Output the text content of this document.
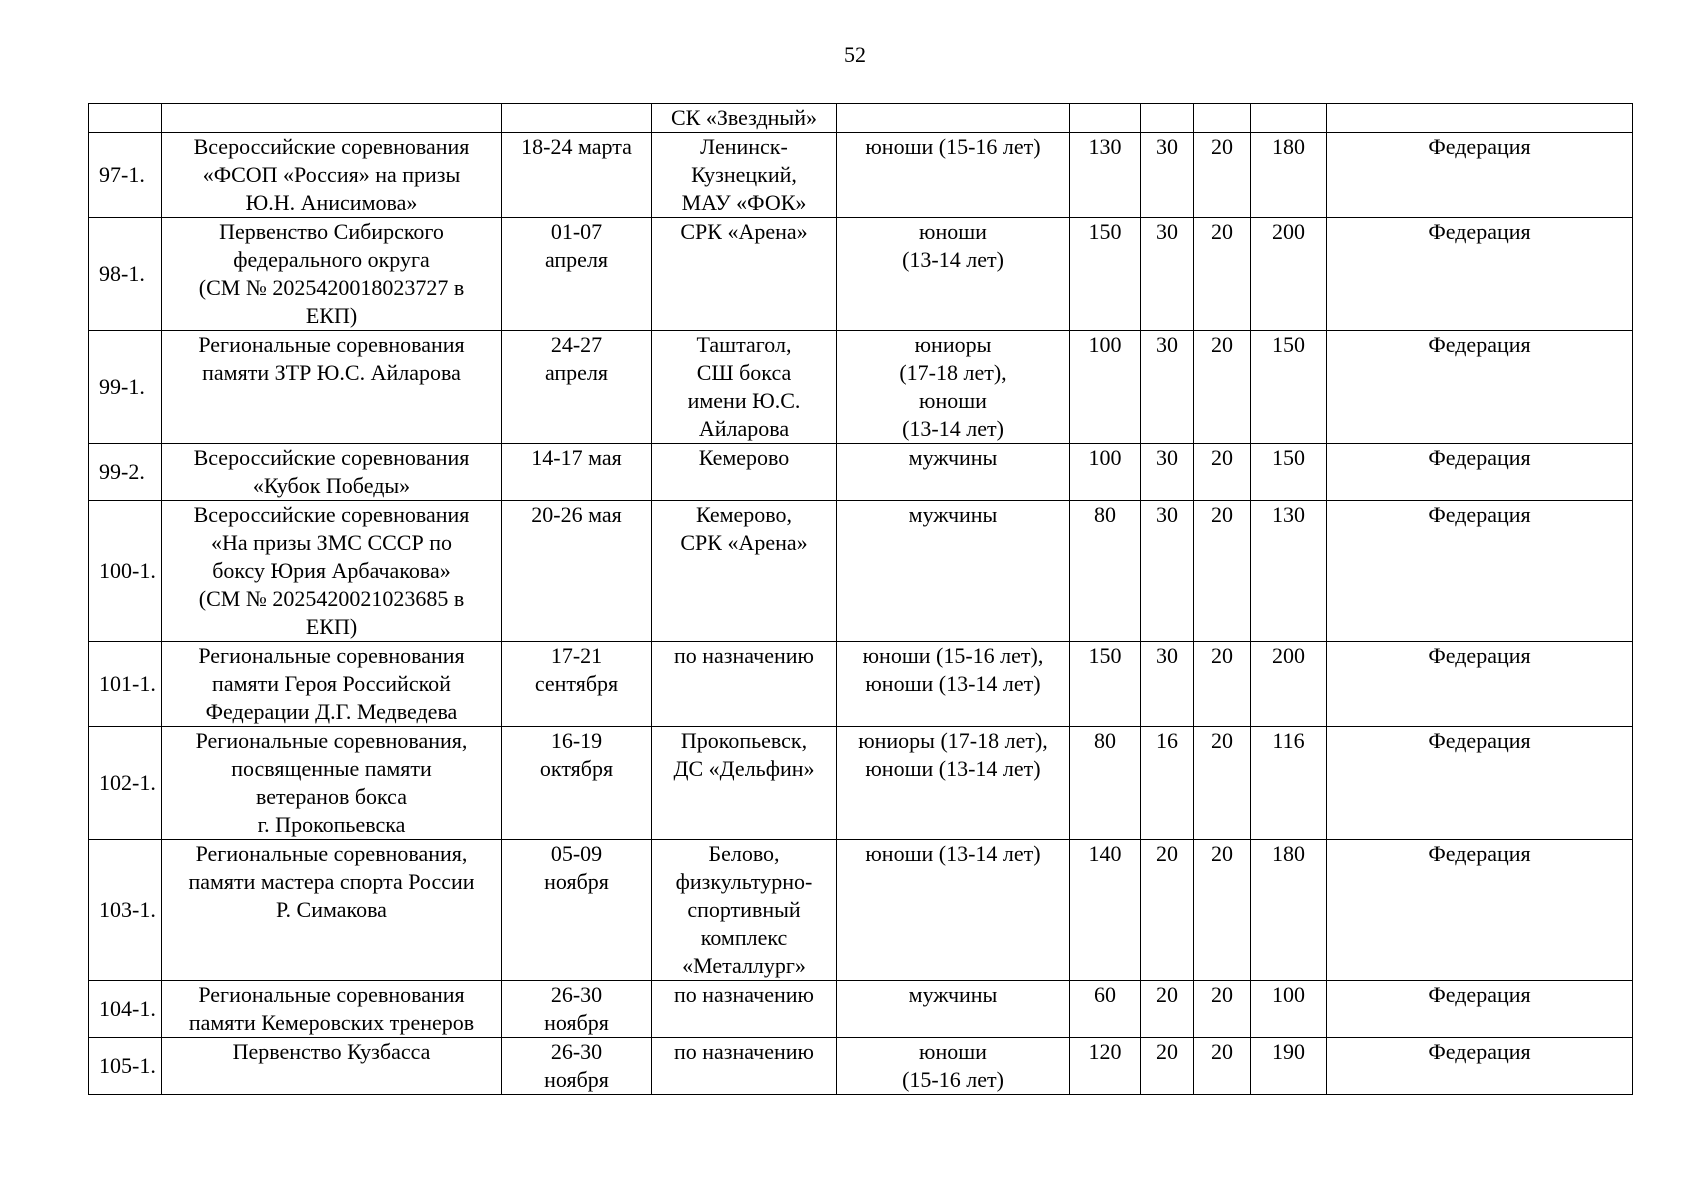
52
			СК «Звездный»						
97-1.	Всероссийские соревнования
«ФСОП «Россия» на призы
Ю.Н. Анисимова»	18-24 марта	Ленинск-
Кузнецкий,
МАУ «ФОК»	юноши (15-16 лет)	130	30	20	180	Федерация
98-1.	Первенство Сибирского
федерального округа
(СМ № 2025420018023727 в
ЕКП)	01-07
апреля	СРК «Арена»	юноши
(13-14 лет)	150	30	20	200	Федерация
99-1.	Региональные соревнования
памяти ЗТР Ю.С. Айларова	24-27
апреля	Таштагол,
СШ бокса
имени Ю.С.
Айларова	юниоры
(17-18 лет),
юноши
(13-14 лет)	100	30	20	150	Федерация
99-2.	Всероссийские соревнования
«Кубок Победы»	14-17 мая	Кемерово	мужчины	100	30	20	150	Федерация
100-1.	Всероссийские соревнования
«На призы ЗМС СССР по
боксу Юрия Арбачакова»
(СМ № 2025420021023685 в
ЕКП)	20-26 мая	Кемерово,
СРК «Арена»	мужчины	80	30	20	130	Федерация
101-1.	Региональные соревнования
памяти Героя Российской
Федерации Д.Г. Медведева	17-21
сентября	по назначению	юноши (15-16 лет),
юноши (13-14 лет)	150	30	20	200	Федерация
102-1.	Региональные соревнования,
посвященные памяти
ветеранов бокса
г. Прокопьевска	16-19
октября	Прокопьевск,
ДС «Дельфин»	юниоры (17-18 лет),
юноши (13-14 лет)	80	16	20	116	Федерация
103-1.	Региональные соревнования,
памяти мастера спорта России
Р. Симакова	05-09
ноября	Белово,
физкультурно-
спортивный
комплекс
«Металлург»	юноши (13-14 лет)	140	20	20	180	Федерация
104-1.	Региональные соревнования
памяти Кемеровских тренеров	26-30
ноября	по назначению	мужчины	60	20	20	100	Федерация
105-1.	Первенство Кузбасса	26-30
ноября	по назначению	юноши
(15-16 лет)	120	20	20	190	Федерация
